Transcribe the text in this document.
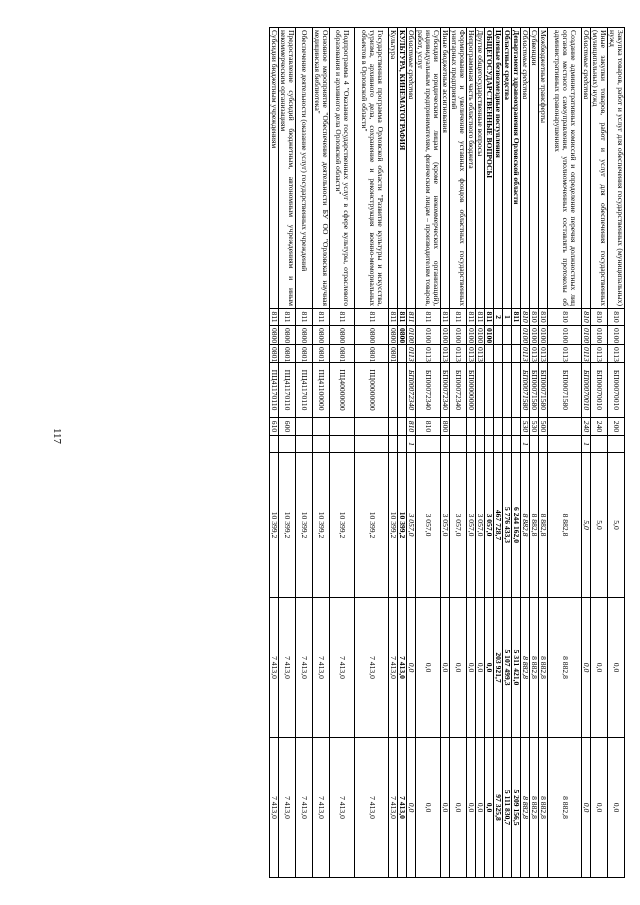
117
Закупка товаров, работ и услуг для обеспечения государственных (муниципальных) нужд	810	0100	0113	БП00070010	200		5,0	0,0	0,0
Иные закупки товаров, работ и услуг для обеспечения государственных (муниципальных) нужд	810	0100	0113	БП00070010	240		5,0	0,0	0,0
Областные средства	810	0100	0113	БП00070010	240	1	5,0	0,0	0,0
Создание административных комиссий и определение перечня должностных лиц органов местного самоуправления, уполномоченных составлять протоколы об административных правонарушениях	810	0100	0113	БП00071580			8 882,8	8 882,8	8 882,8
Межбюджетные трансферты	810	0100	0113	БП00071580	500		8 882,8	8 882,8	8 882,8
Субвенции	810	0100	0113	БП00071580	530		8 882,8	8 882,8	8 882,8
Областные средства	810	0100	0113	БП00071580	530	1	8 882,8	8 882,8	8 882,8
Департамент здравоохранения Орловской области	811						6 244 162,0	5 311 421,0	5 209 156,5
Областные средства	1						5 776 433,3	5 107 499,3	5 111 830,7
Целевые безвозмездные поступления	2						467 728,7	203 921,7	97 325,8
ОБЩЕГОСУДАРСТВЕННЫЕ ВОПРОСЫ	811	0100					3 057,0	0,0	0,0
Другие общегосударственные вопросы	811	0100	0113				3 057,0	0,0	0,0
Непрограммная часть областного бюджета	811	0100	0113	БП00000000			3 057,0	0,0	0,0
Формирование и увеличение уставных фондов областных государственных унитарных предприятий	811	0100	0113	БП00072340			3 057,0	0,0	0,0
Иные бюджетные ассигнования	811	0100	0113	БП00072340	800		3 057,0	0,0	0,0
Субсидии юридическим лицам (кроме некоммерческих организаций), индивидуальным предпринимателям, физическим лицам – производителям товаров, работ, услуг	811	0100	0113	БП00072340	810		3 057,0	0,0	0,0
Областные средства	811	0100	0113	БП00072340	810	1	3 057,0	0,0	0,0
КУЛЬТУРА, КИНЕМАТОГРАФИЯ	811	0800					10 399,2	7 413,0	7 413,0
Культура	811	0800	0801				10 399,2	7 413,0	7 413,0
Государственная программа Орловской области "Развитие культуры и искусства, туризма, архивного дела, сохранение и реконструкция военно-мемориальных объектов в Орловской области"	811	0800	0801	ПЦ00000000			10 399,2	7 413,0	7 413,0
Подпрограмма 4 "Оказание государственных услуг в сфере культуры, отраслевого образования и архивного дела Орловской области"	811	0800	0801	ПЦ40000000			10 399,2	7 413,0	7 413,0
Основное мероприятие "Обеспечение деятельности БУ ОО "Орловская научная медицинская библиотека"	811	0800	0801	ПЦ41100000			10 399,2	7 413,0	7 413,0
Обеспечение деятельности (оказание услуг) государственных учреждений	811	0800	0801	ПЦ41170110			10 399,2	7 413,0	7 413,0
Предоставление субсидий бюджетным, автономным учреждениям и иным некоммерческим организациям	811	0800	0801	ПЦ41170110	600		10 399,2	7 413,0	7 413,0
Субсидии бюджетным учреждениям	811	0800	0801	ПЦ41170110	610		10 399,2	7 413,0	7 413,0
